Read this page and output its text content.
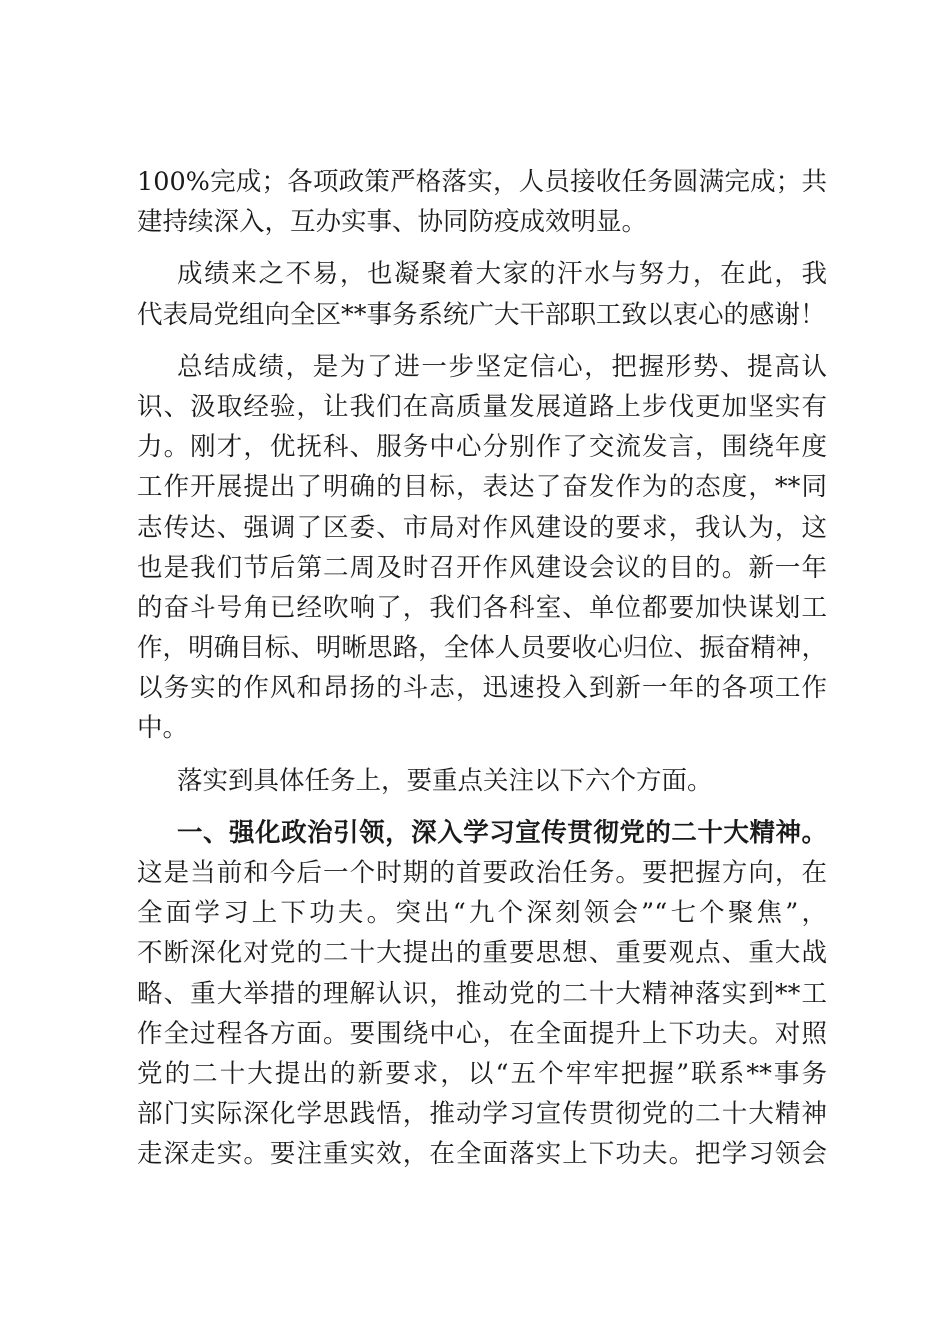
100%完成；各项政策严格落实，人员接收任务圆满完成；共
建持续深入，互办实事、协同防疫成效明显。
成绩来之不易，也凝聚着大家的汗水与努力，在此，我
代表局党组向全区**事务系统广大干部职工致以衷心的感谢！
总结成绩，是为了进一步坚定信心，把握形势、提高认
识、汲取经验，让我们在高质量发展道路上步伐更加坚实有
力。刚才，优抚科、服务中心分别作了交流发言，围绕年度
工作开展提出了明确的目标，表达了奋发作为的态度，**同
志传达、强调了区委、市局对作风建设的要求，我认为，这
也是我们节后第二周及时召开作风建设会议的目的。新一年
的奋斗号角已经吹响了，我们各科室、单位都要加快谋划工
作，明确目标、明晰思路，全体人员要收心归位、振奋精神，
以务实的作风和昂扬的斗志，迅速投入到新一年的各项工作
中。
落实到具体任务上，要重点关注以下六个方面。
一、强化政治引领，深入学习宣传贯彻党的二十大精神。
这是当前和今后一个时期的首要政治任务。要把握方向，在
全面学习上下功夫。突出“九个深刻领会”“七个聚焦”，
不断深化对党的二十大提出的重要思想、重要观点、重大战
略、重大举措的理解认识，推动党的二十大精神落实到**工
作全过程各方面。要围绕中心，在全面提升上下功夫。对照
党的二十大提出的新要求，以“五个牢牢把握”联系**事务
部门实际深化学思践悟，推动学习宣传贯彻党的二十大精神
走深走实。要注重实效，在全面落实上下功夫。把学习领会
